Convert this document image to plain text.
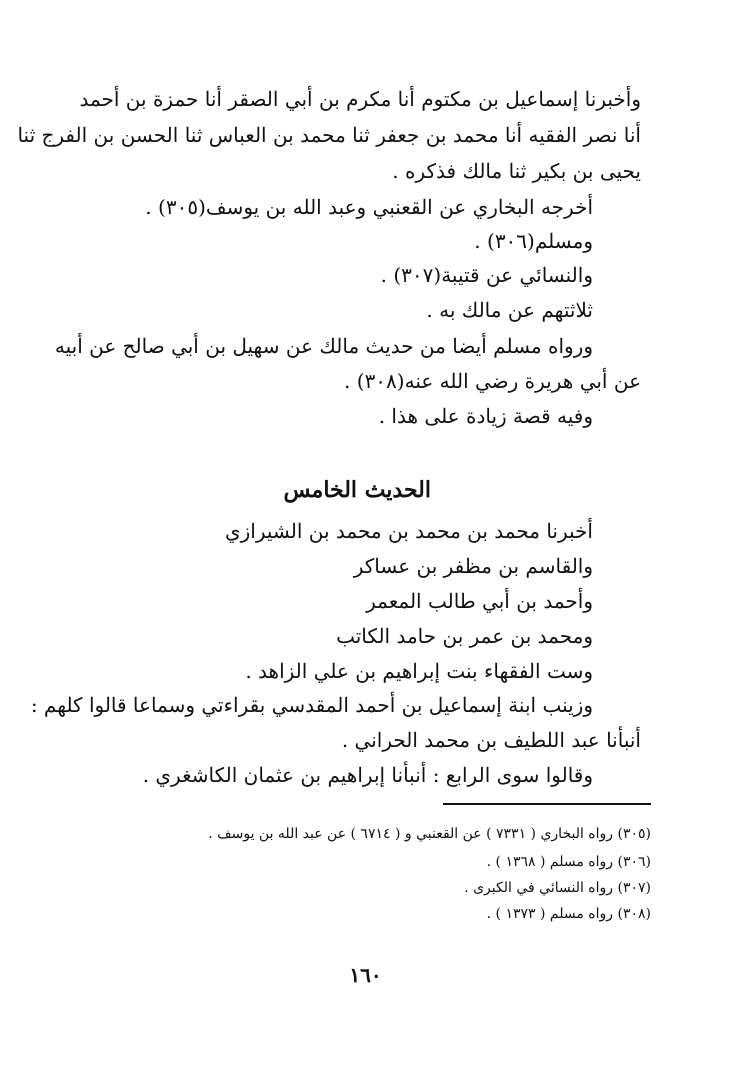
وأخبرنا إسماعيل بن مكتوم أنا مكرم بن أبي الصقر أنا حمزة بن أحمد
أنا نصر الفقيه أنا محمد بن جعفر ثنا محمد بن العباس ثنا الحسن بن الفرج ثنا
يحيى بن بكير ثنا مالك فذكره .
أخرجه البخاري عن القعنبي وعبد الله بن يوسف(٣٠٥) .
ومسلم(٣٠٦) .
والنسائي عن قتيبة(٣٠٧) .
ثلاثتهم عن مالك به .
ورواه مسلم أيضا من حديث مالك عن سهيل بن أبي صالح عن أبيه
عن أبي هريرة رضي الله عنه(٣٠٨) .
وفيه قصة زيادة على هذا .
الحديث الخامس
أخبرنا محمد بن محمد بن محمد بن الشيرازي
والقاسم بن مظفر بن عساكر
وأحمد بن أبي طالب المعمر
ومحمد بن عمر بن حامد الكاتب
وست الفقهاء بنت إبراهيم بن علي الزاهد .
وزينب ابنة إسماعيل بن أحمد المقدسي بقراءتي وسماعا قالوا كلهم :
أنبأنا عبد اللطيف بن محمد الحراني .
وقالوا سوى الرابع : أنبأنا إبراهيم بن عثمان الكاشغري .
(٣٠٥) رواه البخاري ( ٧٣٣١ ) عن القعنبي و ( ٦٧١٤ ) عن عبد الله بن يوسف .
(٣٠٦) رواه مسلم ( ١٣٦٨ ) .
(٣٠٧) رواه النسائي في الكبرى .
(٣٠٨) رواه مسلم ( ١٣٧٣ ) .
١٦٠
